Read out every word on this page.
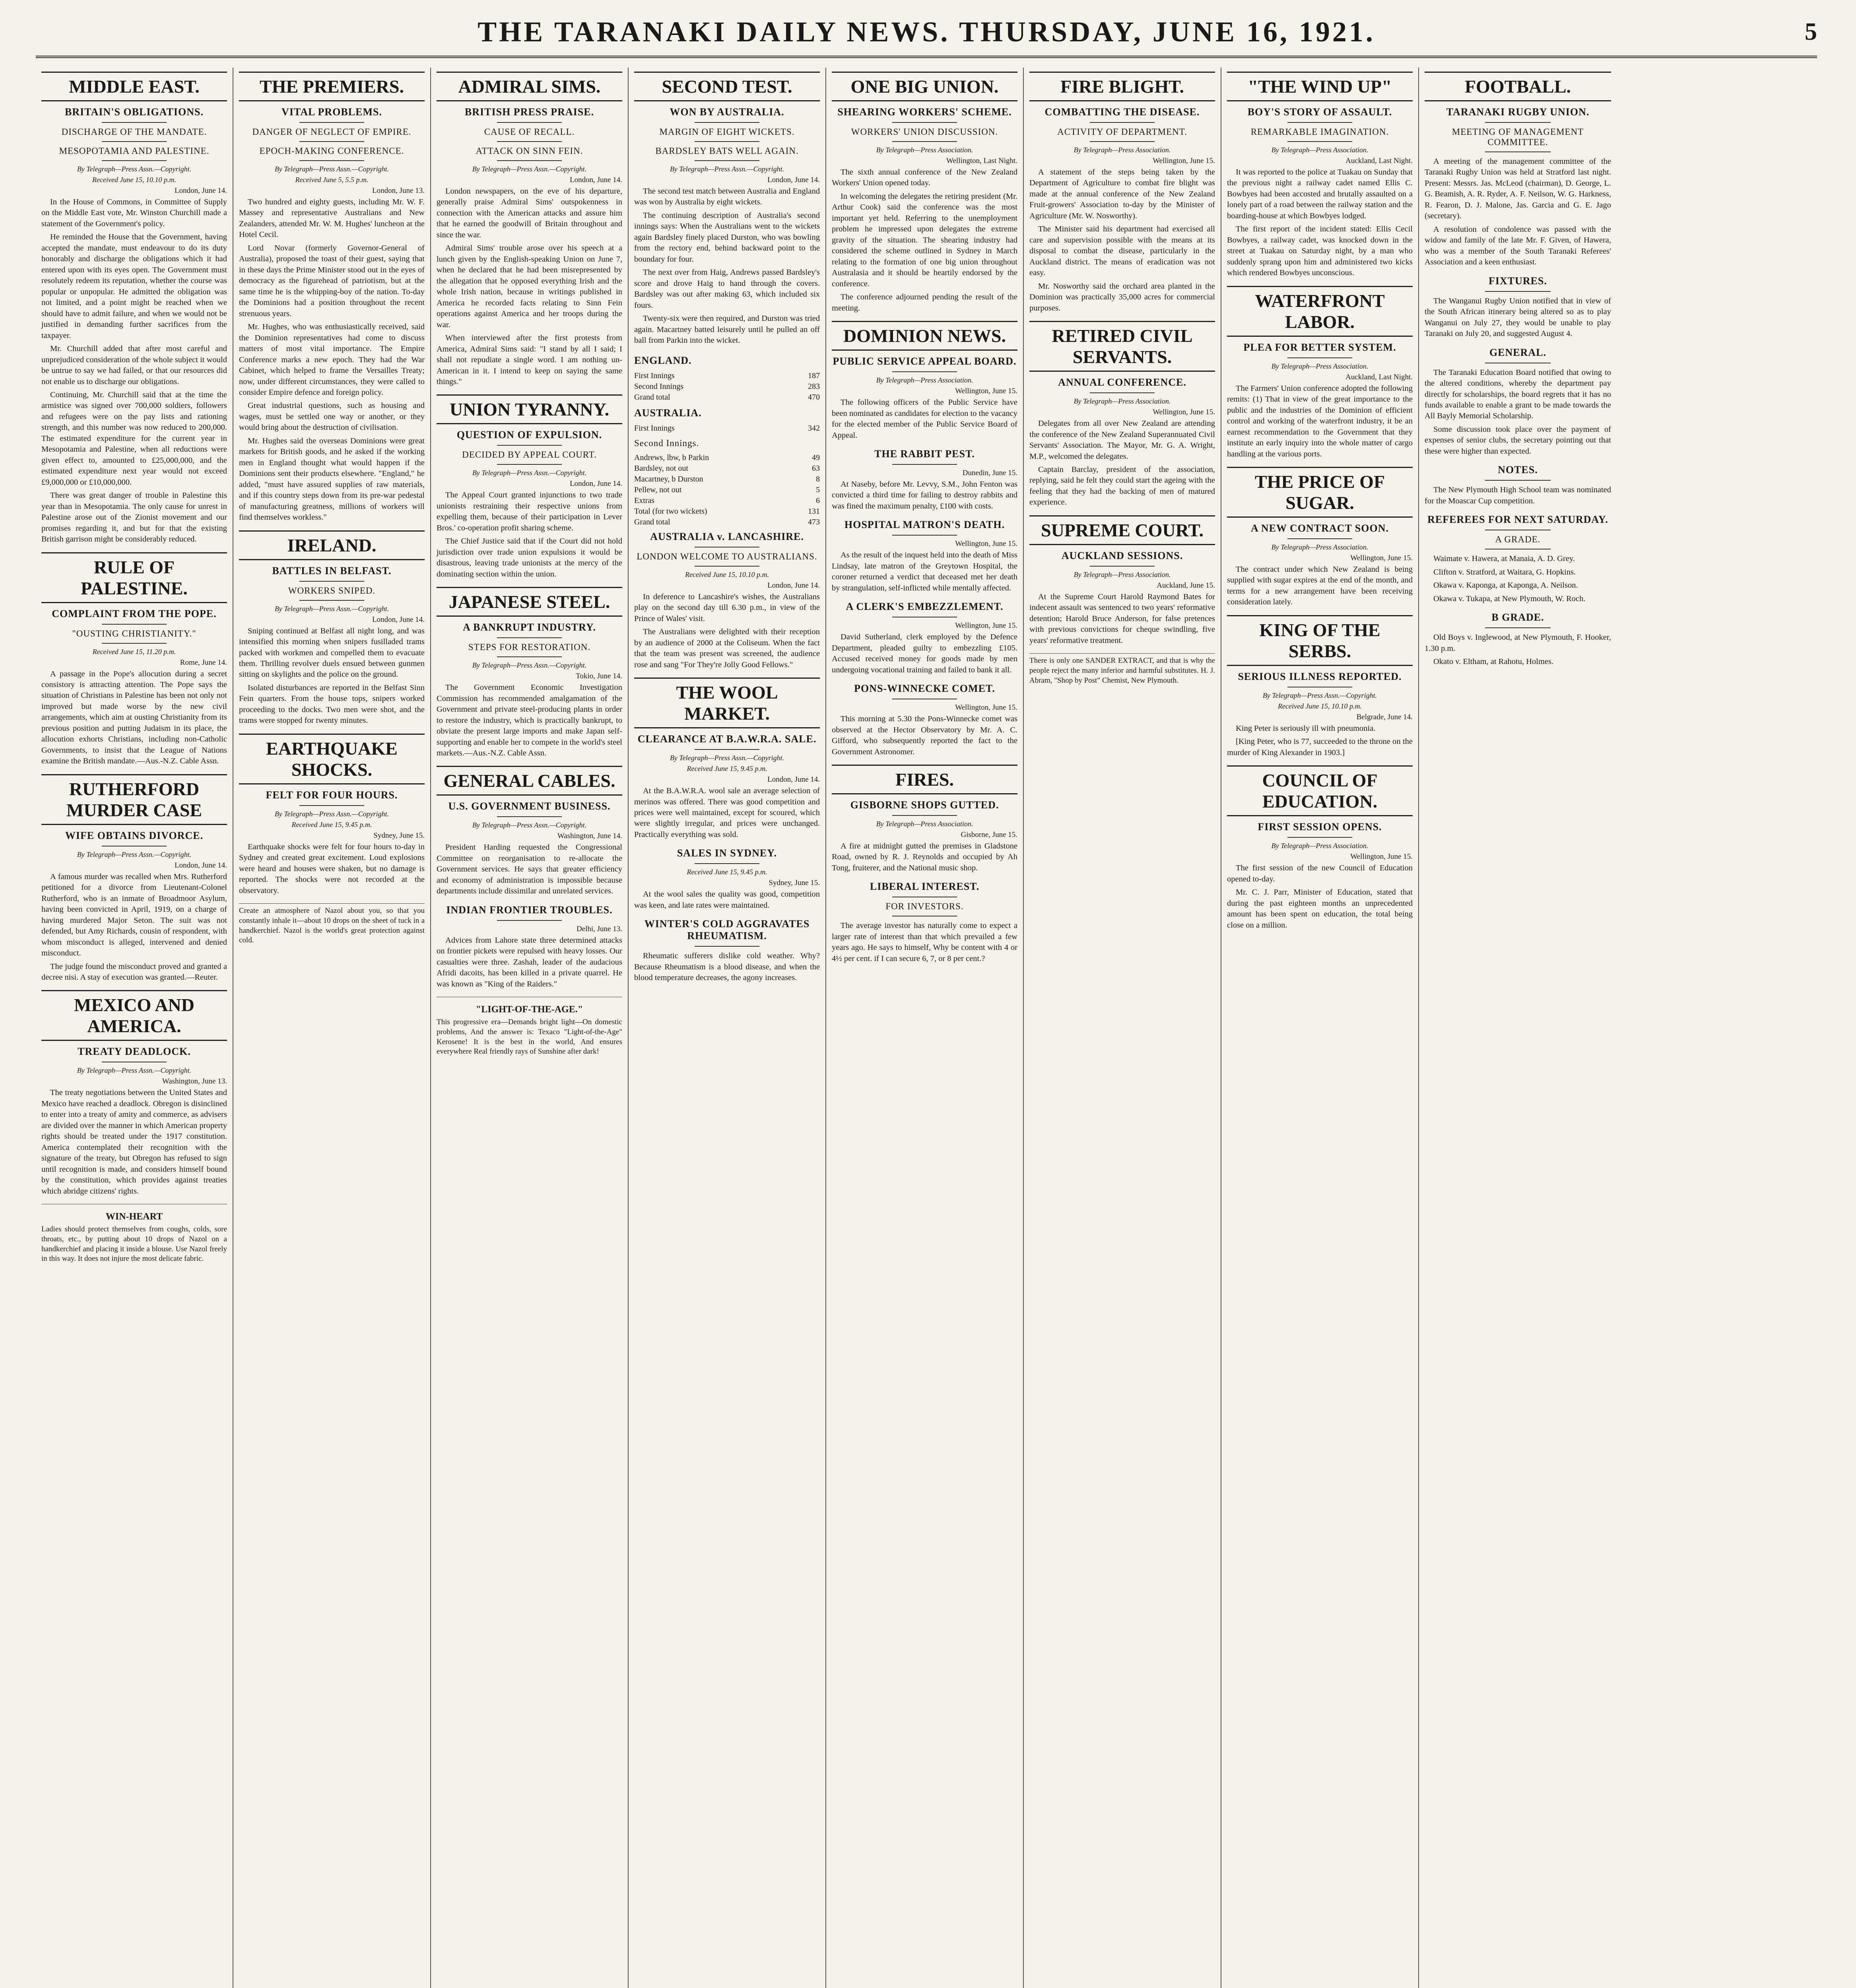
THE TARANAKI DAILY NEWS. THURSDAY, JUNE 16, 1921.	5
MIDDLE EAST.
BRITAIN'S OBLIGATIONS.
DISCHARGE OF THE MANDATE.
MESOPOTAMIA AND PALESTINE.
By Telegraph—Press Assn.—Copyright.
Received June 15, 10.10 p.m.
London, June 14.

In the House of Commons, in Committee of Supply on the Middle East vote, Mr. Winston Churchill made a statement of the Government's policy.

He reminded the House that the Government, having accepted the mandate, must endeavour to do its duty honorably and discharge the obligations which it had entered upon with its eyes open. The Government must resolutely redeem its reputation, whether the course was popular or unpopular. He admitted the obligation was not limited, and a point might be reached when we should have to admit failure, and when we would not be justified in demanding further sacrifices from the taxpayer.

Mr. Churchill added that after most careful and unprejudiced consideration of the whole subject it would be untrue to say we had failed, or that our resources did not enable us to discharge our obligations.

Continuing, Mr. Churchill said that at the time the armistice was signed over 700,000 soldiers, followers and refugees were on the pay lists and rationing strength, and this number was now reduced to 200,000. The estimated expenditure for the current year in Mesopotamia and Palestine, when all reductions were given effect to, amounted to £25,000,000, and the estimated expenditure next year would not exceed £9,000,000 or £10,000,000.

There was great danger of trouble in Palestine this year than in Mesopotamia. The only cause for unrest in Palestine arose out of the Zionist movement and our promises regarding it, and but for that the existing British garrison might be considerably reduced.

RULE OF PALESTINE.
COMPLAINT FROM THE POPE.
"OUSTING CHRISTIANITY."
Received June 15, 11.20 p.m.
Rome, June 14.

A passage in the Pope's allocution during a secret consistory is attracting attention. The Pope says the situation of Christians in Palestine has been not only not improved but made worse by the new civil arrangements, which aim at ousting Christianity from its previous position and putting Judaism in its place, the allocution exhorts Christians, including non-Catholic Governments, to insist that the League of Nations examine the British mandate.—Aus.-N.Z. Cable Assn.

RUTHERFORD MURDER CASE
WIFE OBTAINS DIVORCE.
By Telegraph—Press Assn.—Copyright.
London, June 14.

A famous murder was recalled when Mrs. Rutherford petitioned for a divorce from Lieutenant-Colonel Rutherford, who is an inmate of Broadmoor Asylum, having been convicted in April, 1919, on a charge of having murdered Major Seton. The suit was not defended, but Amy Richards, cousin of respondent, with whom misconduct is alleged, intervened and denied misconduct.

The judge found the misconduct proved and granted a decree nisi. A stay of execution was granted.—Reuter.

MEXICO AND AMERICA.
TREATY DEADLOCK.
By Telegraph—Press Assn.—Copyright.
Washington, June 13.

The treaty negotiations between the United States and Mexico have reached a deadlock. Obregon is disinclined to enter into a treaty of amity and commerce, as advisers are divided over the manner in which American property rights should be treated under the 1917 constitution. America contemplated their recognition with the signature of the treaty, but Obregon has refused to sign until recognition is made, and considers himself bound by the constitution, which provides against treaties which abridge citizens' rights.

WIN-HEART
Ladies should protect themselves from coughs, colds, sore throats, etc., by putting about 10 drops of Nazol on a handkerchief and placing it inside a blouse. Use Nazol freely in this way. It does not injure the most delicate fabric.
THE PREMIERS.
VITAL PROBLEMS.
DANGER OF NEGLECT OF EMPIRE.
EPOCH-MAKING CONFERENCE.
By Telegraph—Press Assn.—Copyright.
Received June 5, 5.5 p.m.
London, June 13.

Two hundred and eighty guests, including Mr. W. F. Massey and representative Australians and New Zealanders, attended Mr. W. M. Hughes' luncheon at the Hotel Cecil.

Lord Novar (formerly Governor-General of Australia), proposed the toast of their guest, saying that in these days the Prime Minister stood out in the eyes of democracy as the figurehead of patriotism, but at the same time he is the whipping-boy of the nation. To-day the Dominions had a position throughout the recent strenuous years.

Mr. Hughes, who was enthusiastically received, said the Dominion representatives had come to discuss matters of most vital importance. The Empire Conference marks a new epoch. They had the War Cabinet, which helped to frame the Versailles Treaty; now, under different circumstances, they were called to consider Empire defence and foreign policy.

Great industrial questions, such as housing and wages, must be settled one way or another, or they would bring about the destruction of civilisation.

Mr. Hughes said the overseas Dominions were great markets for British goods, and he asked if the working men in England thought what would happen if the Dominions sent their products elsewhere. "England," he added, "must have assured supplies of raw materials, and if this country steps down from its pre-war pedestal of manufacturing greatness, millions of workers will find themselves workless."

IRELAND.
BATTLES IN BELFAST.
WORKERS SNIPED.
By Telegraph—Press Assn.—Copyright.
London, June 14.

Sniping continued at Belfast all night long, and was intensified this morning when snipers fusilladed trams packed with workmen and compelled them to evacuate them. Thrilling revolver duels ensued between gunmen sitting on skylights and the police on the ground.

Isolated disturbances are reported in the Belfast Sinn Fein quarters. From the house tops, snipers worked proceeding to the docks. Two men were shot, and the trams were stopped for twenty minutes.

EARTHQUAKE SHOCKS.
FELT FOR FOUR HOURS.
By Telegraph—Press Assn.—Copyright.
Received June 15, 9.45 p.m.
Sydney, June 15.

Earthquake shocks were felt for four hours to-day in Sydney and created great excitement. Loud explosions were heard and houses were shaken, but no damage is reported. The shocks were not recorded at the observatory.

Create an atmosphere of Nazol about you, so that you constantly inhale it—about 10 drops on the sheet of tuck in a handkerchief. Nazol is the world's great protection against cold.
ADMIRAL SIMS.
BRITISH PRESS PRAISE.
CAUSE OF RECALL.
ATTACK ON SINN FEIN.
By Telegraph—Press Assn.—Copyright.
London, June 14.

London newspapers, on the eve of his departure, generally praise Admiral Sims' outspokenness in connection with the American attacks and assure him that he earned the goodwill of Britain throughout and since the war.

Admiral Sims' trouble arose over his speech at a lunch given by the English-speaking Union on June 7, when he declared that he had been misrepresented by the allegation that he opposed everything Irish and the whole Irish nation, because in writings published in America he recorded facts relating to Sinn Fein operations against America and her troops during the war.

When interviewed after the first protests from America, Admiral Sims said: "I stand by all I said; I shall not repudiate a single word. I am nothing un-American in it. I intend to keep on saying the same things."

UNION TYRANNY.
QUESTION OF EXPULSION.
DECIDED BY APPEAL COURT.
By Telegraph—Press Assn.—Copyright.
London, June 14.

The Appeal Court granted injunctions to two trade unionists restraining their respective unions from expelling them, because of their participation in Lever Bros.' co-operation profit sharing scheme.

The Chief Justice said that if the Court did not hold jurisdiction over trade union expulsions it would be disastrous, leaving trade unionists at the mercy of the dominating section within the union.

JAPANESE STEEL.
A BANKRUPT INDUSTRY.
STEPS FOR RESTORATION.
By Telegraph—Press Assn.—Copyright.
Tokio, June 14.

The Government Economic Investigation Commission has recommended amalgamation of the Government and private steel-producing plants in order to restore the industry, which is practically bankrupt, to obviate the present large imports and make Japan self-supporting and enable her to compete in the world's steel markets.—Aus.-N.Z. Cable Assn.

GENERAL CABLES.
U.S. GOVERNMENT BUSINESS.
By Telegraph—Press Assn.—Copyright.
Washington, June 14.

President Harding requested the Congressional Committee on reorganisation to re-allocate the Government services. He says that greater efficiency and economy of administration is impossible because departments include dissimilar and unrelated services.

INDIAN FRONTIER TROUBLES.
Delhi, June 13.

Advices from Lahore state three determined attacks on frontier pickets were repulsed with heavy losses. Our casualties were three. Zashah, leader of the audacious Afridi dacoits, has been killed in a private quarrel. He was known as "King of the Raiders."

"LIGHT-OF-THE-AGE."
This progressive era—Demands bright light—On domestic problems, And the answer is: Texaco "Light-of-the-Age" Kerosene! It is the best in the world, And ensures everywhere Real friendly rays of Sunshine after dark!
SECOND TEST.
WON BY AUSTRALIA.
MARGIN OF EIGHT WICKETS.
BARDSLEY BATS WELL AGAIN.
By Telegraph—Press Assn.—Copyright.
London, June 14.

The second test match between Australia and England was won by Australia by eight wickets.

The continuing description of Australia's second innings says: When the Australians went to the wickets again Bardsley finely placed Durston, who was bowling from the rectory end, behind backward point to the boundary for four.

The next over from Haig, Andrews passed Bardsley's score and drove Haig to hand through the covers. Bardsley was out after making 63, which included six fours.

Twenty-six were then required, and Durston was tried again. Macartney batted leisurely until he pulled an off ball from Parkin into the wicket.

ENGLAND.
First Innings	187
Second Innings	283
Grand total	470
AUSTRALIA.
First Innings	342
Second Innings.
Andrews, lbw, b Parkin	49
Bardsley, not out	63
Macartney, b Durston	8
Pellew, not out	5
Extras	6
Total (for two wickets)	131
Grand total	473
AUSTRALIA v. LANCASHIRE.
LONDON WELCOME TO AUSTRALIANS.
Received June 15, 10.10 p.m.
London, June 14.

In deference to Lancashire's wishes, the Australians play on the second day till 6.30 p.m., in view of the Prince of Wales' visit.

The Australians were delighted with their reception by an audience of 2000 at the Coliseum. When the fact that the team was present was screened, the audience rose and sang "For They're Jolly Good Fellows."

THE WOOL MARKET.
CLEARANCE AT B.A.W.R.A. SALE.
By Telegraph—Press Assn.—Copyright.
Received June 15, 9.45 p.m.
London, June 14.

At the B.A.W.R.A. wool sale an average selection of merinos was offered. There was good competition and prices were well maintained, except for scoured, which were slightly irregular, and prices were unchanged. Practically everything was sold.

SALES IN SYDNEY.
Received June 15, 9.45 p.m.
Sydney, June 15.

At the wool sales the quality was good, competition was keen, and late rates were maintained.

WINTER'S COLD AGGRAVATES RHEUMATISM.

Rheumatic sufferers dislike cold weather. Why? Because Rheumatism is a blood disease, and when the blood temperature decreases, the agony increases.

ONE BIG UNION.
SHEARING WORKERS' SCHEME.
WORKERS' UNION DISCUSSION.
By Telegraph—Press Association.
Wellington, Last Night.

The sixth annual conference of the New Zealand Workers' Union opened today.

In welcoming the delegates the retiring president (Mr. Arthur Cook) said the conference was the most important yet held. Referring to the unemployment problem he impressed upon delegates the extreme gravity of the situation. The shearing industry had considered the scheme outlined in Sydney in March relating to the formation of one big union throughout Australasia and it should be heartily endorsed by the conference.

The conference adjourned pending the result of the meeting.

DOMINION NEWS.
PUBLIC SERVICE APPEAL BOARD.
By Telegraph—Press Association.
Wellington, June 15.

The following officers of the Public Service have been nominated as candidates for election to the vacancy for the elected member of the Public Service Board of Appeal.

THE RABBIT PEST.
Dunedin, June 15.

At Naseby, before Mr. Levvy, S.M., John Fenton was convicted a third time for failing to destroy rabbits and was fined the maximum penalty, £100 with costs.

HOSPITAL MATRON'S DEATH.
Wellington, June 15.

As the result of the inquest held into the death of Miss Lindsay, late matron of the Greytown Hospital, the coroner returned a verdict that deceased met her death by strangulation, self-inflicted while mentally affected.

A CLERK'S EMBEZZLEMENT.
Wellington, June 15.

David Sutherland, clerk employed by the Defence Department, pleaded guilty to embezzling £105. Accused received money for goods made by men undergoing vocational training and failed to bank it all.

PONS-WINNECKE COMET.
Wellington, June 15.

This morning at 5.30 the Pons-Winnecke comet was observed at the Hector Observatory by Mr. A. C. Gifford, who subsequently reported the fact to the Government Astronomer.

FIRES.
GISBORNE SHOPS GUTTED.
By Telegraph—Press Association.
Gisborne, June 15.

A fire at midnight gutted the premises in Gladstone Road, owned by R. J. Reynolds and occupied by Ah Tong, fruiterer, and the National music shop.

LIBERAL INTEREST.
FOR INVESTORS.

The average investor has naturally come to expect a larger rate of interest than that which prevailed a few years ago. He says to himself, Why be content with 4 or 4½ per cent. if I can secure 6, 7, or 8 per cent.?

FIRE BLIGHT.
COMBATTING THE DISEASE.
ACTIVITY OF DEPARTMENT.
By Telegraph—Press Association.
Wellington, June 15.

A statement of the steps being taken by the Department of Agriculture to combat fire blight was made at the annual conference of the New Zealand Fruit-growers' Association to-day by the Minister of Agriculture (Mr. W. Nosworthy).

The Minister said his department had exercised all care and supervision possible with the means at its disposal to combat the disease, particularly in the Auckland district. The means of eradication was not easy.

Mr. Nosworthy said the orchard area planted in the Dominion was practically 35,000 acres for commercial purposes.

RETIRED CIVIL SERVANTS.
ANNUAL CONFERENCE.
By Telegraph—Press Association.
Wellington, June 15.

Delegates from all over New Zealand are attending the conference of the New Zealand Superannuated Civil Servants' Association. The Mayor, Mr. G. A. Wright, M.P., welcomed the delegates.

Captain Barclay, president of the association, replying, said he felt they could start the ageing with the feeling that they had the backing of men of matured experience.

SUPREME COURT.
AUCKLAND SESSIONS.
By Telegraph—Press Association.
Auckland, June 15.

At the Supreme Court Harold Raymond Bates for indecent assault was sentenced to two years' reformative detention; Harold Bruce Anderson, for false pretences with previous convictions for cheque swindling, five years' reformative treatment.

There is only one SANDER EXTRACT, and that is why the people reject the many inferior and harmful substitutes. H. J. Abram, "Shop by Post" Chemist, New Plymouth.
"THE WIND UP"
BOY'S STORY OF ASSAULT.
REMARKABLE IMAGINATION.
By Telegraph—Press Association.
Auckland, Last Night.

It was reported to the police at Tuakau on Sunday that the previous night a railway cadet named Ellis C. Bowbyes had been accosted and brutally assaulted on a lonely part of a road between the railway station and the boarding-house at which Bowbyes lodged.

The first report of the incident stated: Ellis Cecil Bowbyes, a railway cadet, was knocked down in the street at Tuakau on Saturday night, by a man who suddenly sprang upon him and administered two kicks which rendered Bowbyes unconscious.

WATERFRONT LABOR.
PLEA FOR BETTER SYSTEM.
By Telegraph—Press Association.
Auckland, Last Night.

The Farmers' Union conference adopted the following remits: (1) That in view of the great importance to the public and the industries of the Dominion of efficient control and working of the waterfront industry, it be an earnest recommendation to the Government that they institute an early inquiry into the whole matter of cargo handling at the various ports.

THE PRICE OF SUGAR.
A NEW CONTRACT SOON.
By Telegraph—Press Association.
Wellington, June 15.

The contract under which New Zealand is being supplied with sugar expires at the end of the month, and terms for a new arrangement have been receiving consideration lately.

KING OF THE SERBS.
SERIOUS ILLNESS REPORTED.
By Telegraph—Press Assn.—Copyright.
Received June 15, 10.10 p.m.
Belgrade, June 14.

King Peter is seriously ill with pneumonia.

[King Peter, who is 77, succeeded to the throne on the murder of King Alexander in 1903.]

COUNCIL OF EDUCATION.
FIRST SESSION OPENS.
By Telegraph—Press Association.
Wellington, June 15.

The first session of the new Council of Education opened to-day.

Mr. C. J. Parr, Minister of Education, stated that during the past eighteen months an unprecedented amount has been spent on education, the total being close on a million.

FOOTBALL.
TARANAKI RUGBY UNION.
MEETING OF MANAGEMENT COMMITTEE.

A meeting of the management committee of the Taranaki Rugby Union was held at Stratford last night. Present: Messrs. Jas. McLeod (chairman), D. George, L. G. Beamish, A. R. Ryder, A. F. Neilson, W. G. Harkness, R. Fearon, D. J. Malone, Jas. Garcia and G. E. Jago (secretary).

A resolution of condolence was passed with the widow and family of the late Mr. F. Given, of Hawera, who was a member of the South Taranaki Referees' Association and a keen enthusiast.

FIXTURES.

The Wanganui Rugby Union notified that in view of the South African itinerary being altered so as to play Wanganui on July 27, they would be unable to play Taranaki on July 20, and suggested August 4.

GENERAL.

The Taranaki Education Board notified that owing to the altered conditions, whereby the department pay directly for scholarships, the board regrets that it has no funds available to enable a grant to be made towards the All Bayly Memorial Scholarship.

Some discussion took place over the payment of expenses of senior clubs, the secretary pointing out that these were higher than expected.

NOTES.

The New Plymouth High School team was nominated for the Moascar Cup competition.

REFEREES FOR NEXT SATURDAY.
A GRADE.

Waimate v. Hawera, at Manaia, A. D. Grey.

Clifton v. Stratford, at Waitara, G. Hopkins.

Okawa v. Kaponga, at Kaponga, A. Neilson.

Okawa v. Tukapa, at New Plymouth, W. Roch.

B GRADE.

Old Boys v. Inglewood, at New Plymouth, F. Hooker, 1.30 p.m.

Okato v. Eltham, at Rahotu, Holmes.
